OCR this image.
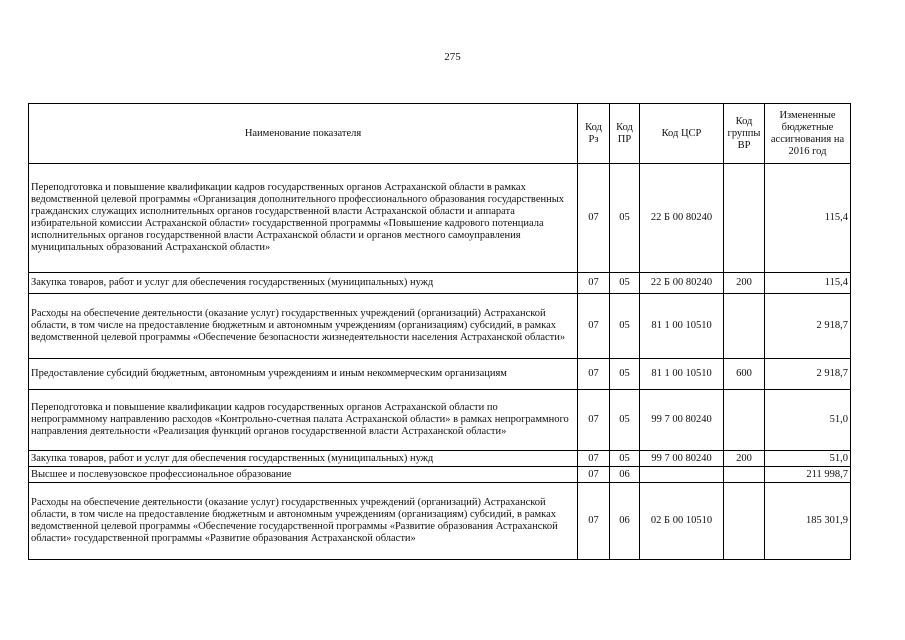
275
Наименование показателя	Код Рз	Код ПР	Код ЦСР	Код группы ВР	Измененные бюджетные ассигнования на 2016 год
Переподготовка и повышение квалификации кадров государственных органов Астраханской области в рамках ведомственной целевой программы «Организация дополнительного профессионального образования государственных гражданских служащих исполнительных органов государственной власти Астраханской области и аппарата избирательной комиссии Астраханской области» государственной программы «Повышение кадрового потенциала исполнительных органов государственной власти Астраханской области и органов местного самоуправления муниципальных образований Астраханской области»	07	05	22 Б 00 80240		115,4
Закупка товаров, работ и услуг для обеспечения государственных (муниципальных) нужд	07	05	22 Б 00 80240	200	115,4
Расходы на обеспечение деятельности (оказание услуг) государственных учреждений (организаций) Астраханской области, в том числе на предоставление бюджетным и автономным учреждениям (организациям) субсидий, в рамках ведомственной целевой программы «Обеспечение безопасности жизнедеятельности населения Астраханской области»	07	05	81 1 00 10510		2 918,7
Предоставление субсидий бюджетным, автономным учреждениям и иным некоммерческим организациям	07	05	81 1 00 10510	600	2 918,7
Переподготовка и повышение квалификации кадров государственных органов Астраханской области по непрограммному направлению расходов «Контрольно-счетная палата Астраханской области» в рамках непрограммного направления деятельности «Реализация функций органов государственной власти Астраханской области»	07	05	99 7 00 80240		51,0
Закупка товаров, работ и услуг для обеспечения государственных (муниципальных) нужд	07	05	99 7 00 80240	200	51,0
Высшее и послевузовское профессиональное образование	07	06			211 998,7
Расходы на обеспечение деятельности (оказание услуг) государственных учреждений (организаций) Астраханской области, в том числе на предоставление бюджетным и автономным учреждениям (организациям) субсидий, в рамках ведомственной целевой программы «Обеспечение государственной программы «Развитие образования Астраханской области» государственной программы «Развитие образования Астраханской области»	07	06	02 Б 00 10510		185 301,9
